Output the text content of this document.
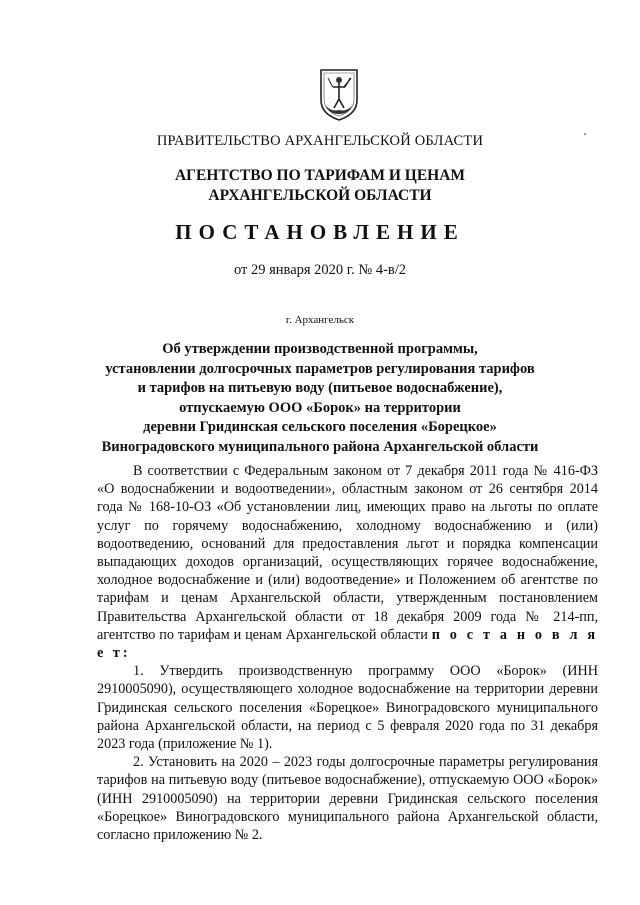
ПРАВИТЕЛЬСТВО АРХАНГЕЛЬСКОЙ ОБЛАСТИ
АГЕНТСТВО ПО ТАРИФАМ И ЦЕНАМ
АРХАНГЕЛЬСКОЙ ОБЛАСТИ
ПОСТАНОВЛЕНИЕ
от 29 января 2020 г. № 4-в/2
г. Архангельск
Об утверждении производственной программы,
установлении долгосрочных параметров регулирования тарифов
и тарифов на питьевую воду (питьевое водоснабжение),
отпускаемую ООО «Борок» на территории
деревни Гридинская сельского поселения «Борецкое»
Виноградовского муниципального района Архангельской области

В соответствии с Федеральным законом от 7 декабря 2011 года № 416-ФЗ «О водоснабжении и водоотведении», областным законом от 26 сентября 2014 года № 168-10-ОЗ «Об установлении лиц, имеющих право на льготы по оплате услуг по горячему водоснабжению, холодному водоснабжению и (или) водоотведению, оснований для предоставления льгот и порядка компенсации выпадающих доходов организаций, осуществляющих горячее водоснабжение, холодное водоснабжение и (или) водоотведение» и Положением об агентстве по тарифам и ценам Архангельской области, утвержденным постановлением Правительства Архангельской области от 18 декабря 2009 года № 214-пп, агентство по тарифам и ценам Архангельской области п о с т а н о в л я е т:

1. Утвердить производственную программу ООО «Борок» (ИНН 2910005090), осуществляющего холодное водоснабжение на территории деревни Гридинская сельского поселения «Борецкое» Виноградовского муниципального района Архангельской области, на период с 5 февраля 2020 года по 31 декабря 2023 года (приложение № 1).

2. Установить на 2020 – 2023 годы долгосрочные параметры регулирования тарифов на питьевую воду (питьевое водоснабжение), отпускаемую ООО «Борок» (ИНН 2910005090) на территории деревни Гридинская сельского поселения «Борецкое» Виноградовского муниципального района Архангельской области, согласно приложению № 2.
